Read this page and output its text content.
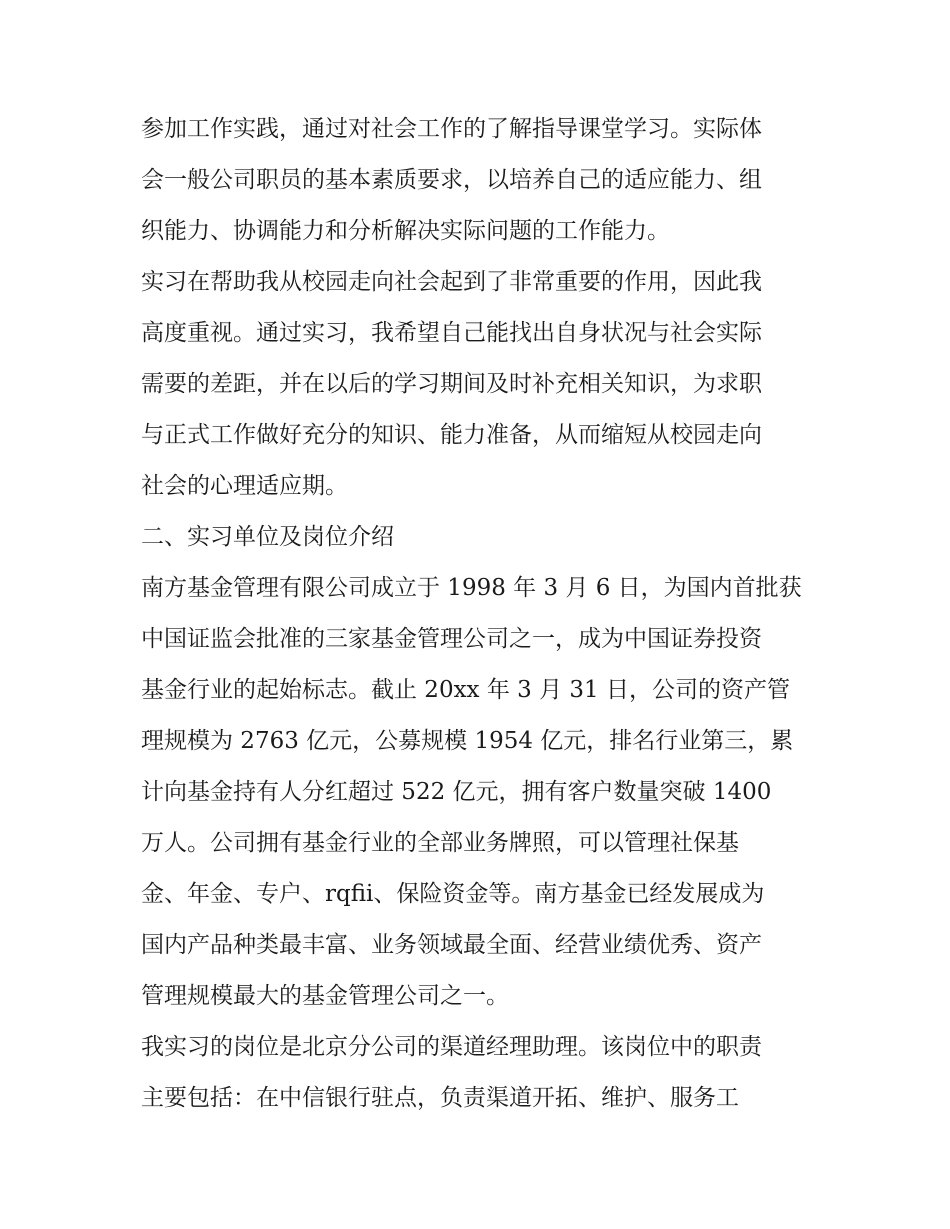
参加工作实践，通过对社会工作的了解指导课堂学习。实际体
会一般公司职员的基本素质要求，以培养自己的适应能力、组
织能力、协调能力和分析解决实际问题的工作能力。
实习在帮助我从校园走向社会起到了非常重要的作用，因此我
高度重视。通过实习，我希望自己能找出自身状况与社会实际
需要的差距，并在以后的学习期间及时补充相关知识，为求职
与正式工作做好充分的知识、能力准备，从而缩短从校园走向
社会的心理适应期。
二、实习单位及岗位介绍
南方基金管理有限公司成立于 1998 年 3 月 6 日，为国内首批获
中国证监会批准的三家基金管理公司之一，成为中国证券投资
基金行业的起始标志。截止 20xx 年 3 月 31 日，公司的资产管
理规模为 2763 亿元，公募规模 1954 亿元，排名行业第三，累
计向基金持有人分红超过 522 亿元，拥有客户数量突破 1400
万人。公司拥有基金行业的全部业务牌照，可以管理社保基
金、年金、专户、rqfii、保险资金等。南方基金已经发展成为
国内产品种类最丰富、业务领域最全面、经营业绩优秀、资产
管理规模最大的基金管理公司之一。
我实习的岗位是北京分公司的渠道经理助理。该岗位中的职责
主要包括：在中信银行驻点，负责渠道开拓、维护、服务工
